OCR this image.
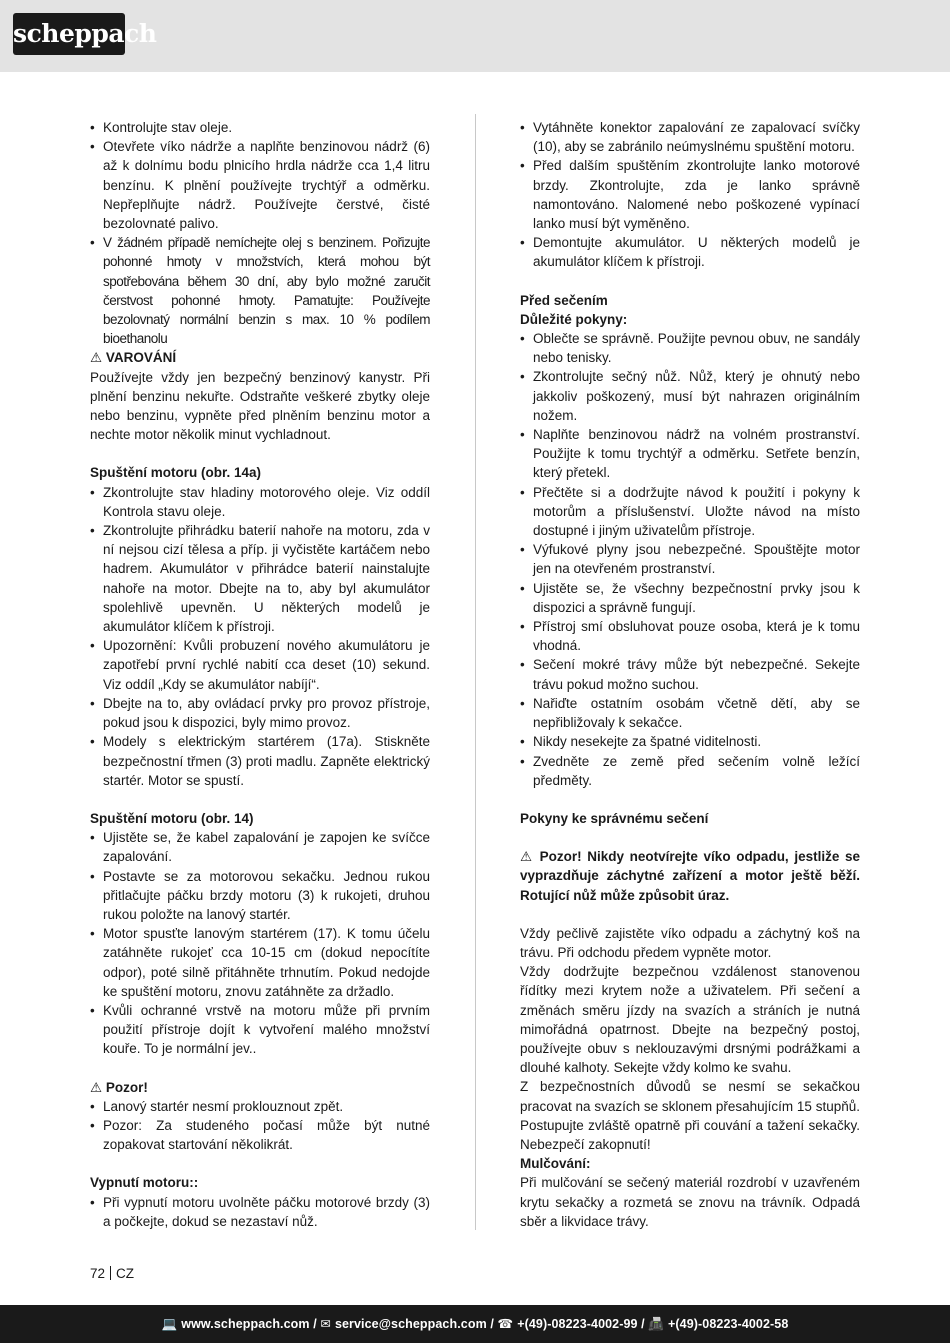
scheppach
• Kontrolujte stav oleje.
• Otevřete víko nádrže a naplňte benzinovou nádrž (6) až k dolnímu bodu plnicího hrdla nádrže cca 1,4 litru benzínu. K plnění používejte trychtýř a odměrku. Nepřeplňujte nádrž. Používejte čerstvé, čisté bezolovnaté palivo.
• V žádném případě nemíchejte olej s benzinem. Pořizujte pohonné hmoty v množstvích, která mohou být spotřebována během 30 dní, aby bylo možné zaručit čerstvost pohonné hmoty. Pamatujte: Používejte bezolovnatý normální benzin s max. 10 % podílem bioethanolu

⚠ VAROVÁNÍ

Používejte vždy jen bezpečný benzinový kanystr. Při plnění benzinu nekuřte. Odstraňte veškeré zbytky oleje nebo benzinu, vypněte před plněním benzinu motor a nechte motor několik minut vychladnout.

Spuštění motoru (obr. 14a)

• Zkontrolujte stav hladiny motorového oleje. Viz oddíl Kontrola stavu oleje.
• Zkontrolujte přihrádku baterií nahoře na motoru, zda v ní nejsou cizí tělesa a příp. ji vyčistěte kartáčem nebo hadrem. Akumulátor v přihrádce baterií nainstalujte nahoře na motor. Dbejte na to, aby byl akumulátor spolehlivě upevněn. U některých modelů je akumulátor klíčem k přístroji.
• Upozornění: Kvůli probuzení nového akumulátoru je zapotřebí první rychlé nabití cca deset (10) sekund. Viz oddíl „Kdy se akumulátor nabíjí“.
• Dbejte na to, aby ovládací prvky pro provoz přístroje, pokud jsou k dispozici, byly mimo provoz.
• Modely s elektrickým startérem (17a). Stiskněte bezpečnostní třmen (3) proti madlu. Zapněte elektrický startér. Motor se spustí.

Spuštění motoru (obr. 14)

• Ujistěte se, že kabel zapalování je zapojen ke svíčce zapalování.
• Postavte se za motorovou sekačku. Jednou rukou přitlačujte páčku brzdy motoru (3) k rukojeti, druhou rukou položte na lanový startér.
• Motor spusťte lanovým startérem (17). K tomu účelu zatáhněte rukojeť cca 10-15 cm (dokud nepocítíte odpor), poté silně přitáhněte trhnutím. Pokud nedojde ke spuštění motoru, znovu zatáhněte za držadlo.
• Kvůli ochranné vrstvě na motoru může při prvním použití přístroje dojít k vytvoření malého množství kouře. To je normální jev..

⚠ Pozor!

• Lanový startér nesmí proklouznout zpět.
• Pozor: Za studeného počasí může být nutné zopakovat startování několikrát.

Vypnutí motoru::

• Při vypnutí motoru uvolněte páčku motorové brzdy (3) a počkejte, dokud se nezastaví nůž.
• Vytáhněte konektor zapalování ze zapalovací svíčky (10), aby se zabránilo neúmyslnému spuštění motoru.
• Před dalším spuštěním zkontrolujte lanko motorové brzdy. Zkontrolujte, zda je lanko správně namontováno. Nalomené nebo poškozené vypínací lanko musí být vyměněno.
• Demontujte akumulátor. U některých modelů je akumulátor klíčem k přístroji.

Před sečením

Důležité pokyny:

• Oblečte se správně. Použijte pevnou obuv, ne sandály nebo tenisky.
• Zkontrolujte sečný nůž. Nůž, který je ohnutý nebo jakkoliv poškozený, musí být nahrazen originálním nožem.
• Naplňte benzinovou nádrž na volném prostranství. Použijte k tomu trychtýř a odměrku. Setřete benzín, který přetekl.
• Přečtěte si a dodržujte návod k použití i pokyny k motorům a příslušenství. Uložte návod na místo dostupné i jiným uživatelům přístroje.
• Výfukové plyny jsou nebezpečné. Spouštějte motor jen na otevřeném prostranství.
• Ujistěte se, že všechny bezpečnostní prvky jsou k dispozici a správně fungují.
• Přístroj smí obsluhovat pouze osoba, která je k tomu vhodná.
• Sečení mokré trávy může být nebezpečné. Sekejte trávu pokud možno suchou.
• Nařiďte ostatním osobám včetně dětí, aby se nepřibližovaly k sekačce.
• Nikdy nesekejte za špatné viditelnosti.
• Zvedněte ze země před sečením volně ležící předměty.

Pokyny ke správnému sečení

⚠ Pozor! Nikdy neotvírejte víko odpadu, jestliže se vyprazdňuje záchytné zařízení a motor ještě běží. Rotující nůž může způsobit úraz.

Vždy pečlivě zajistěte víko odpadu a záchytný koš na trávu. Při odchodu předem vypněte motor.

Vždy dodržujte bezpečnou vzdálenost stanovenou řídítky mezi krytem nože a uživatelem. Při sečení a změnách směru jízdy na svazích a stráních je nutná mimořádná opatrnost. Dbejte na bezpečný postoj, používejte obuv s neklouzavými drsnými podrážkami a dlouhé kalhoty. Sekejte vždy kolmo ke svahu.

Z bezpečnostních důvodů se nesmí se sekačkou pracovat na svazích se sklonem přesahujícím 15 stupňů. Postupujte zvláště opatrně při couvání a tažení sekačky. Nebezpečí zakopnutí!

Mulčování:

Při mulčování se sečený materiál rozdrobí v uzavřeném krytu sekačky a rozmetá se znovu na trávník. Odpadá sběr a likvidace trávy.

72 CZ
💻 www.scheppach.com / ✉ service@scheppach.com / ☎ +(49)-08223-4002-99 / 📠 +(49)-08223-4002-58
